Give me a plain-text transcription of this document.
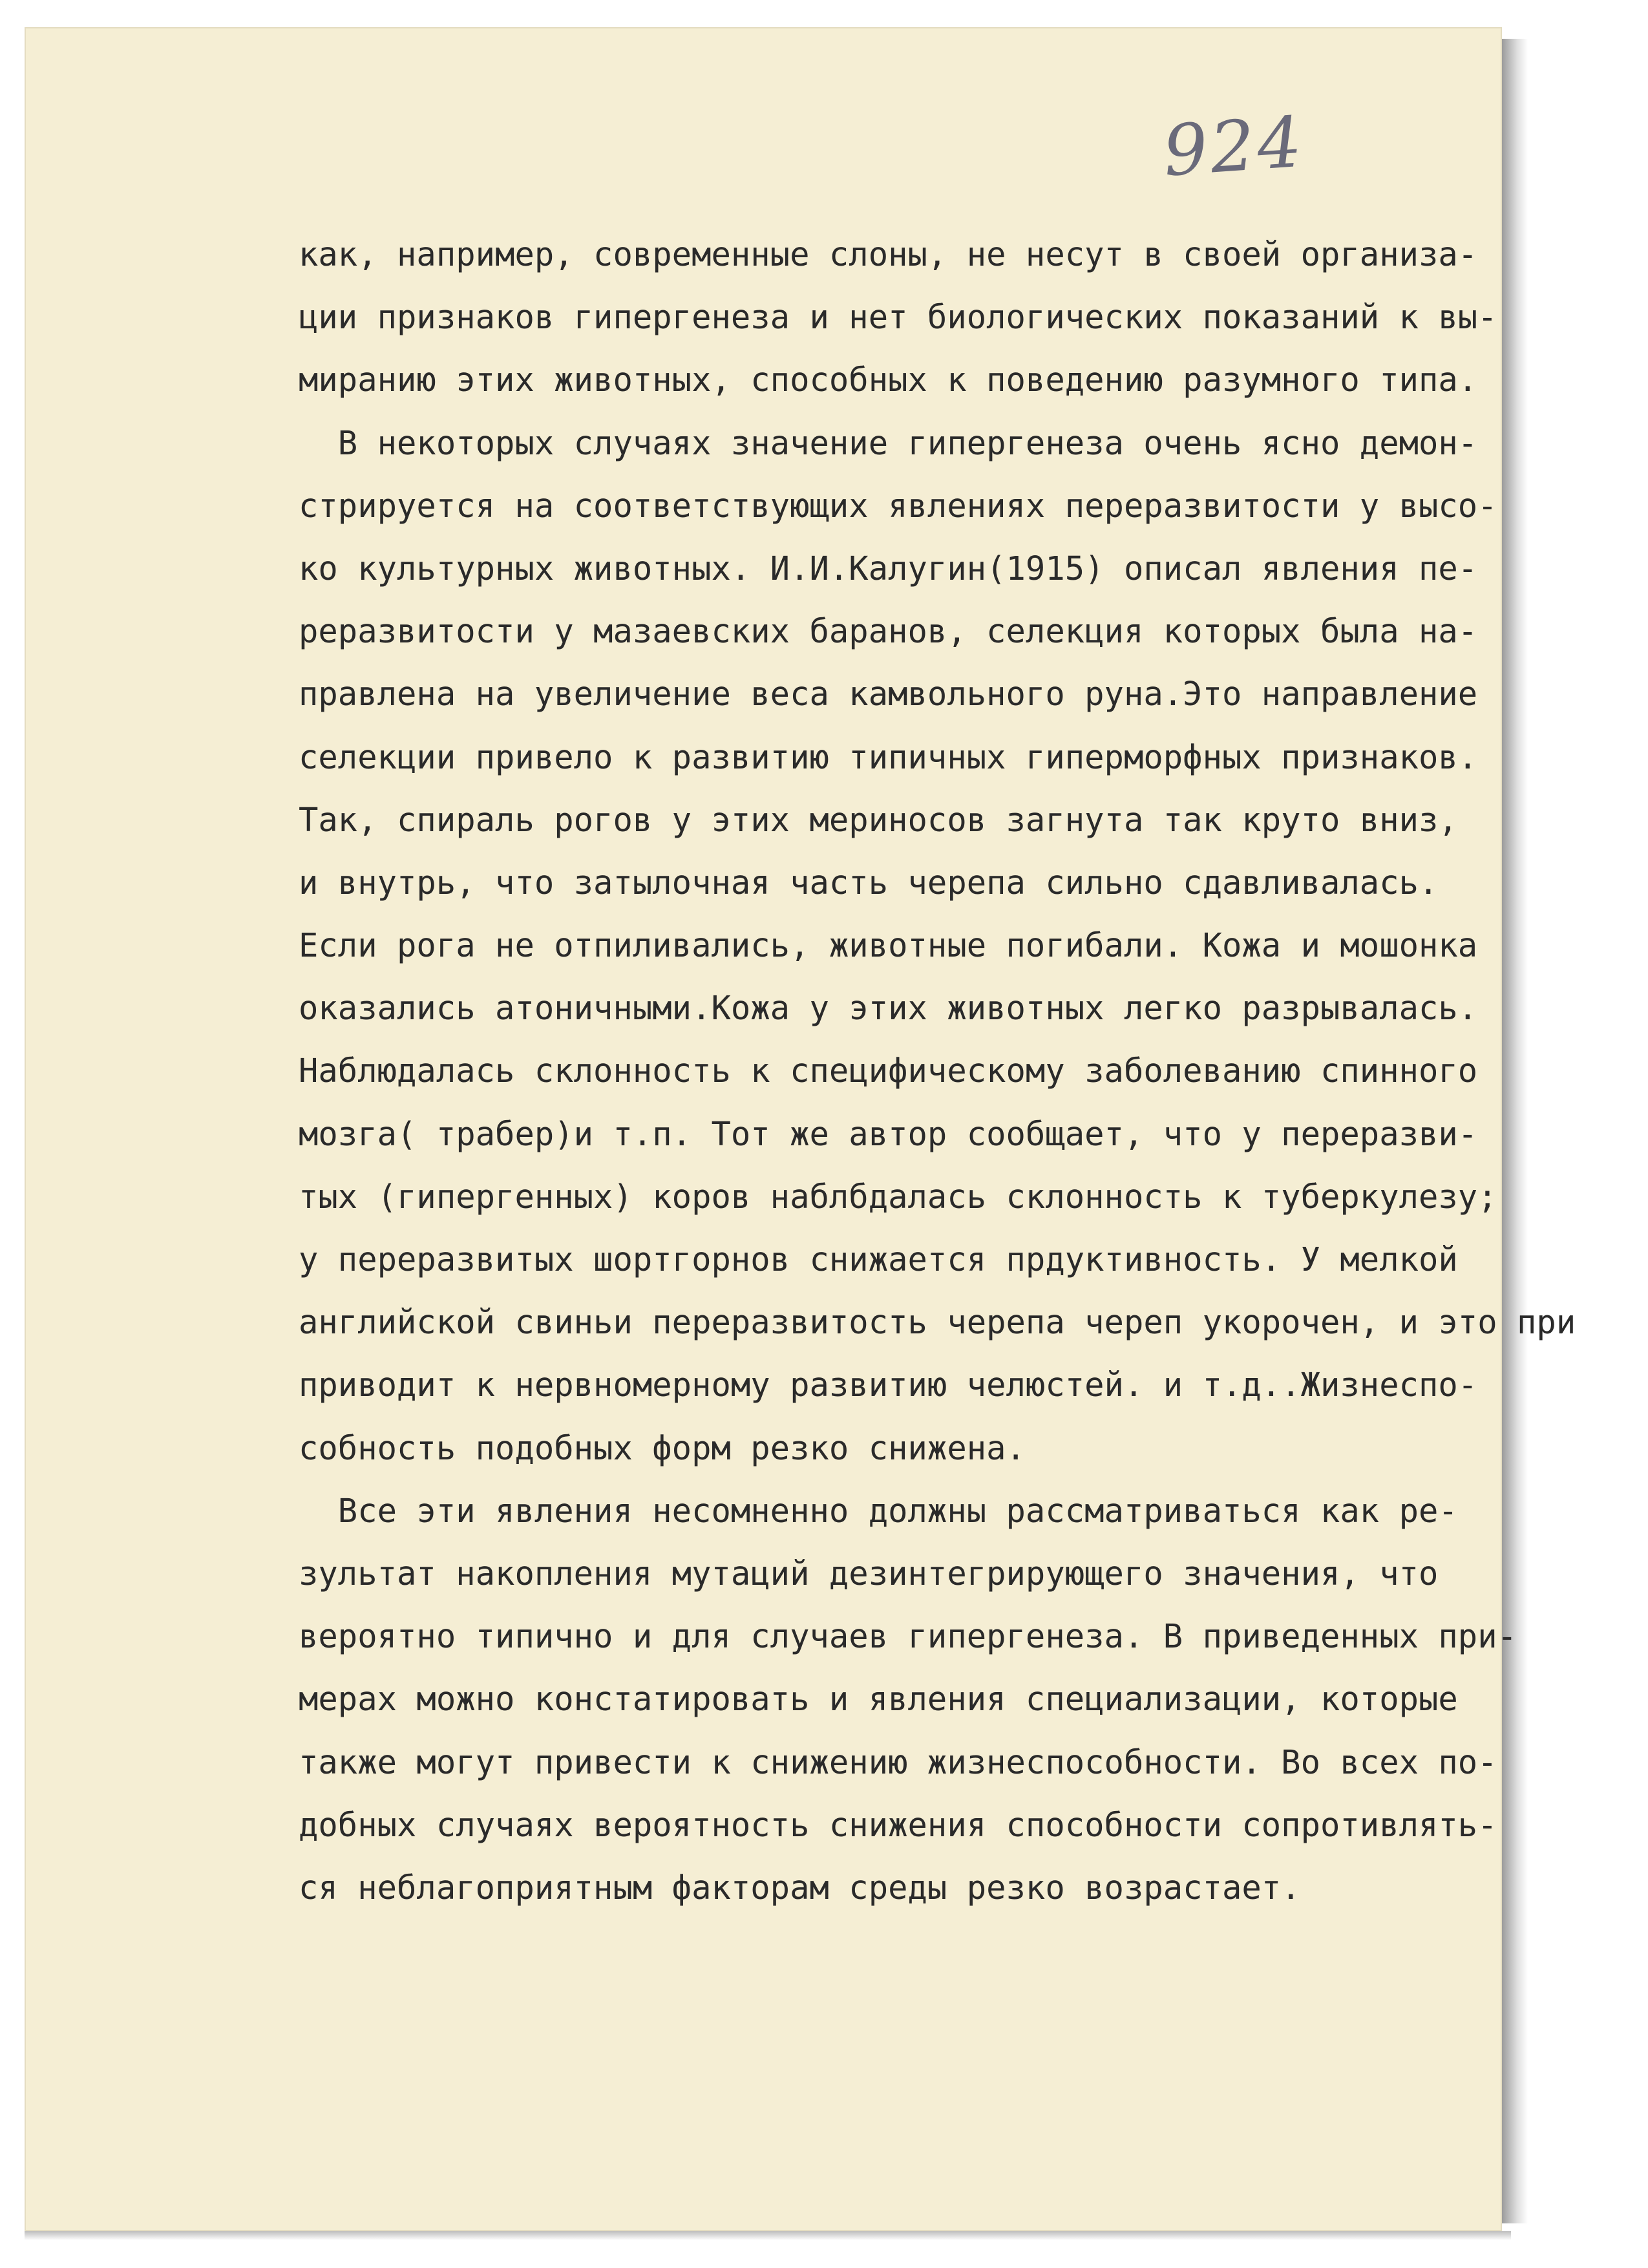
924
как, например, современные слоны, не несут в своей организа-
ции признаков гипергенеза и нет биологических показаний к вы-
миранию этих животных, способных к поведению разумного типа.
В некоторых случаях значение гипергенеза очень ясно демон-
стрируется на соответствующих явлениях переразвитости у высо-
ко культурных животных. И.И.Калугин(1915) описал явления пе-
реразвитости у мазаевских баранов, селекция которых была на-
правлена на увеличение веса камвольного руна.Это направление
селекции привело к развитию типичных гиперморфных признаков.
Так, спираль рогов у этих мериносов загнута так круто вниз,
и внутрь, что затылочная часть черепа сильно сдавливалась.
Если рога не отпиливались, животные погибали. Кожа и мошонка
оказались атоничными.Кожа у этих животных легко разрывалась.
Наблюдалась склонность к специфическому заболеванию спинного
мозга( трабер)и т.п. Тот же автор сообщает, что у переразви-
тых (гипергенных) коров наблбдалась склонность к туберкулезу;
у переразвитых шортгорнов снижается прдуктивность. У мелкой
английской свиньи переразвитость черепа череп укорочен, и это при
приводит к нервномерному развитию челюстей. и т.д..Жизнеспо-
собность подобных форм резко снижена.
Все эти явления несомненно должны рассматриваться как ре-
зультат накопления мутаций дезинтегрирующего значения, что
вероятно типично и для случаев гипергенеза. В приведенных при-
мерах можно констатировать и явления специализации, которые
также могут привести к снижению жизнеспособности. Во всех по-
добных случаях вероятность снижения способности сопротивлять-
ся неблагоприятным факторам среды резко возрастает.
